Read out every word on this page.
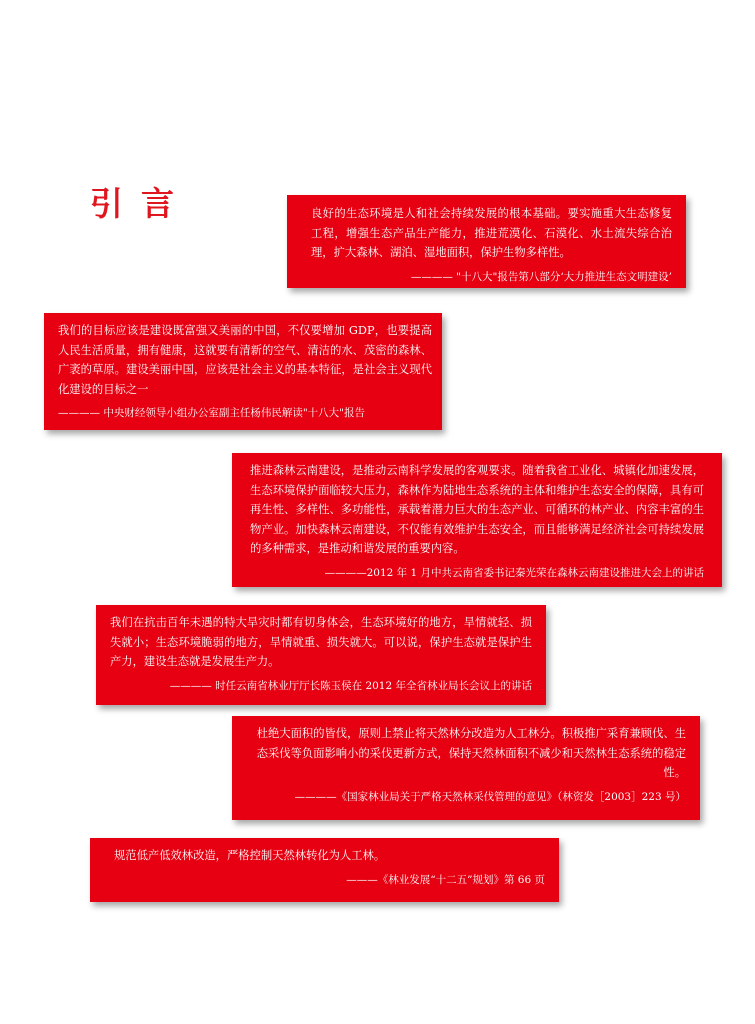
引言	良好的生态环境是人和社会持续发展的根本基础。要实施重大生态修复工程，增强生态产品生产能力，推进荒漠化、石漠化、水土流失综合治理，扩大森林、湖泊、湿地面积，保护生物多样性。
———— "十八大"报告第八部分‘大力推进生态文明建设’
我们的目标应该是建设既富强又美丽的中国，不仅要增加 GDP，也要提高人民生活质量，拥有健康，这就要有清新的空气、清洁的水、茂密的森林、广袤的草原。建设美丽中国，应该是社会主义的基本特征，是社会主义现代化建设的目标之一
———— 中央财经领导小组办公室副主任杨伟民解读"十八大"报告
推进森林云南建设，是推动云南科学发展的客观要求。随着我省工业化、城镇化加速发展，生态环境保护面临较大压力，森林作为陆地生态系统的主体和维护生态安全的保障，具有可再生性、多样性、多功能性，承载着潜力巨大的生态产业、可循环的林产业、内容丰富的生物产业。加快森林云南建设，不仅能有效维护生态安全，而且能够满足经济社会可持续发展的多种需求，是推动和谐发展的重要内容。
————2012 年 1 月中共云南省委书记秦光荣在森林云南建设推进大会上的讲话
我们在抗击百年未遇的特大旱灾时都有切身体会，生态环境好的地方，旱情就轻、损失就小；生态环境脆弱的地方，旱情就重、损失就大。可以说，保护生态就是保护生产力，建设生态就是发展生产力。
———— 时任云南省林业厅厅长陈玉侯在 2012 年全省林业局长会议上的讲话
杜绝大面积的皆伐，原则上禁止将天然林分改造为人工林分。积极推广采育兼顾伐、生态采伐等负面影响小的采伐更新方式，保持天然林面积不减少和天然林生态系统的稳定性。
————《国家林业局关于严格天然林采伐管理的意见》（林资发［2003］223 号）
规范低产低效林改造，严格控制天然林转化为人工林。
———《林业发展“十二五”规划》第 66 页
